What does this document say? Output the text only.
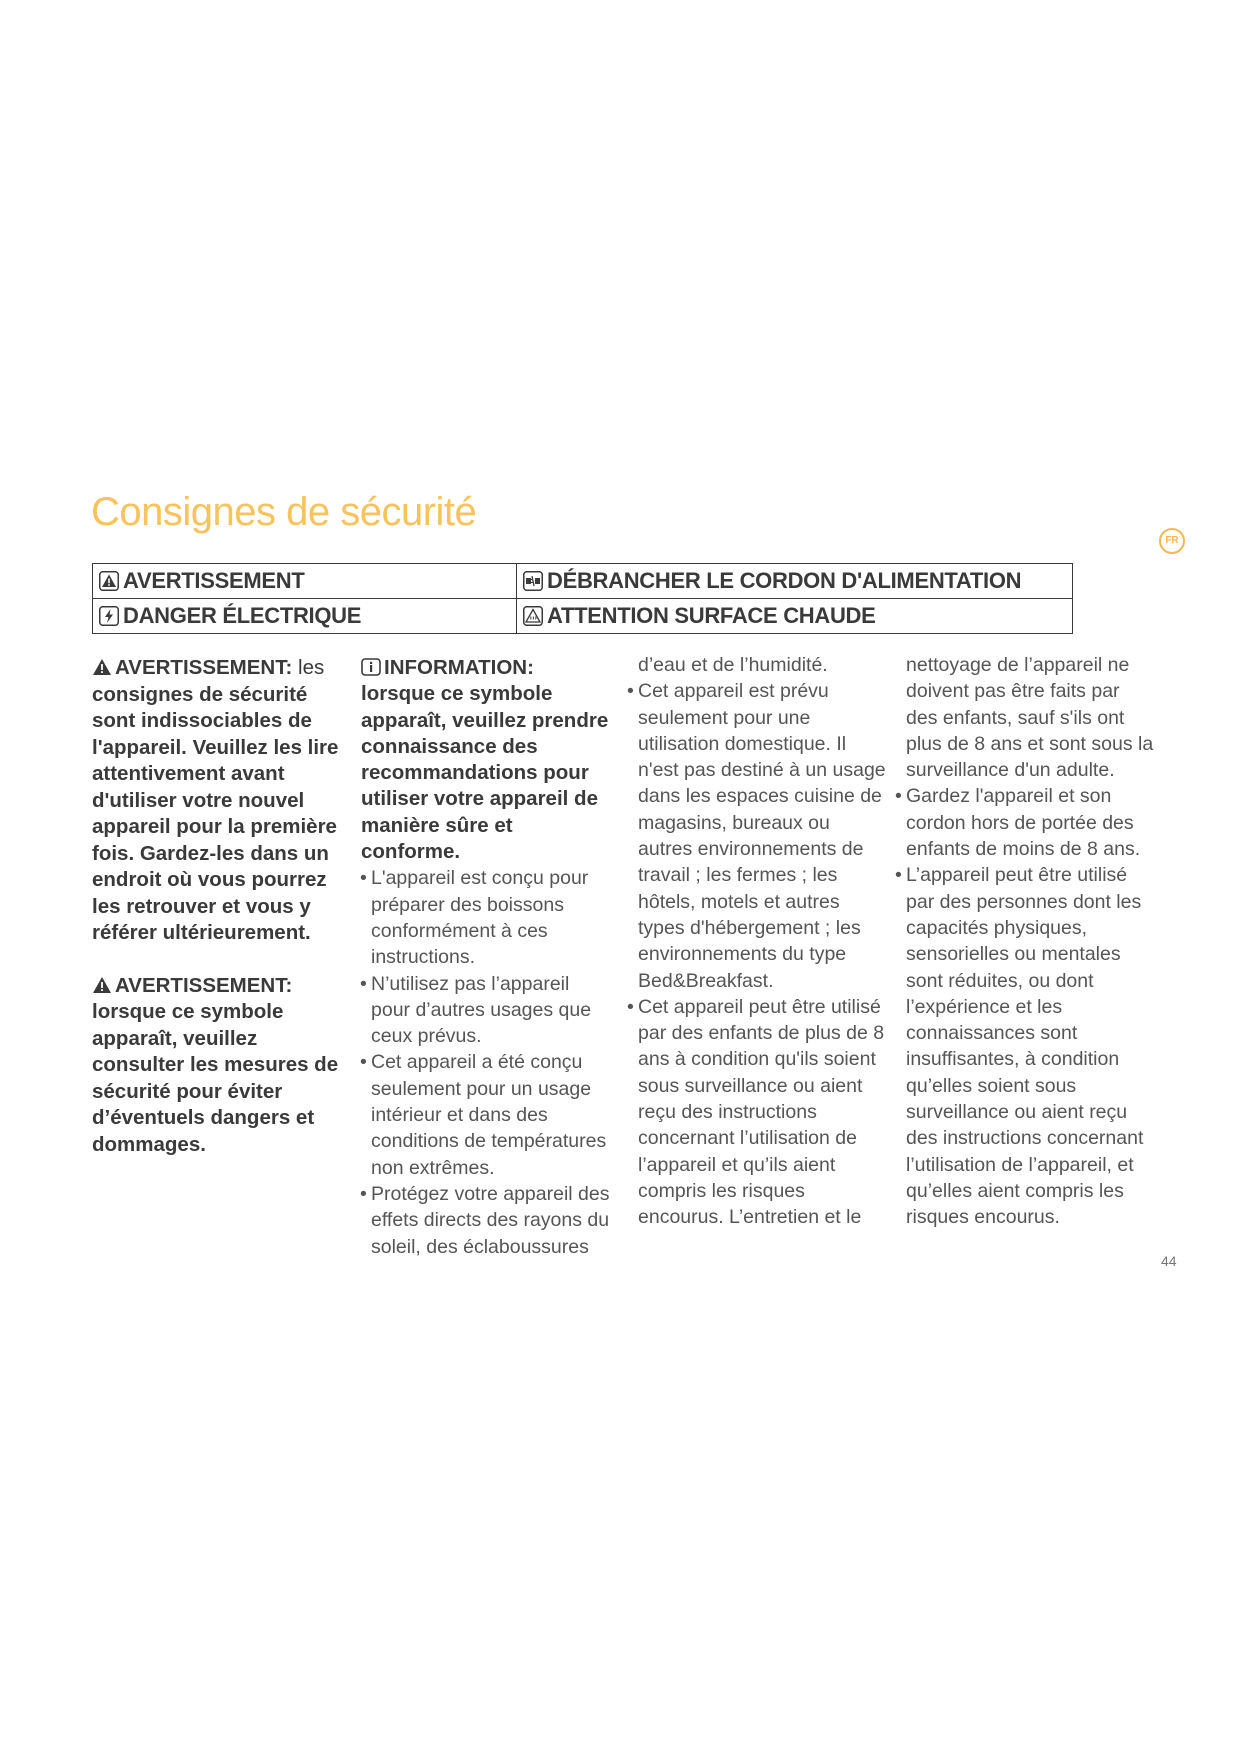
Consignes de sécurité
FR
AVERTISSEMENT	DÉBRANCHER LE CORDON D'ALIMENTATION
DANGER ÉLECTRIQUE	ATTENTION SURFACE CHAUDE

AVERTISSEMENT: les consignes de sécurité sont indissociables de l'appareil. Veuillez les lire attentivement avant d'utiliser votre nouvel appareil pour la première fois. Gardez-les dans un endroit où vous pourrez les retrouver et vous y référer ultérieurement.

AVERTISSEMENT:
lorsque ce symbole apparaît, veuillez consulter les mesures de sécurité pour éviter d’éventuels dangers et dommages.

INFORMATION:
lorsque ce symbole apparaît, veuillez prendre connaissance des recommandations pour utiliser votre appareil de manière sûre et conforme.

• L'appareil est conçu pour préparer des boissons conformément à ces instructions.
• N’utilisez pas l’appareil pour d’autres usages que ceux prévus.
• Cet appareil a été conçu seulement pour un usage intérieur et dans des conditions de températures non extrêmes.
• Protégez votre appareil des effets directs des rayons du soleil, des éclaboussures

d’eau et de l’humidité.

• Cet appareil est prévu seulement pour une utilisation domestique. Il n'est pas destiné à un usage dans les espaces cuisine de magasins, bureaux ou autres environnements de travail ; les fermes ; les hôtels, motels et autres types d'hébergement ; les environnements du type Bed&Breakfast.
• Cet appareil peut être utilisé par des enfants de plus de 8 ans à condition qu'ils soient sous surveillance ou aient reçu des instructions concernant l’utilisation de l’appareil et qu’ils aient compris les risques encourus. L’entretien et le

nettoyage de l’appareil ne doivent pas être faits par des enfants, sauf s'ils ont plus de 8 ans et sont sous la surveillance d'un adulte.

• Gardez l'appareil et son cordon hors de portée des enfants de moins de 8 ans.
• L’appareil peut être utilisé par des personnes dont les capacités physiques, sensorielles ou mentales sont réduites, ou dont l’expérience et les connaissances sont insuffisantes, à condition qu’elles soient sous surveillance ou aient reçu des instructions concernant l’utilisation de l’appareil, et qu’elles aient compris les risques encourus.
44
